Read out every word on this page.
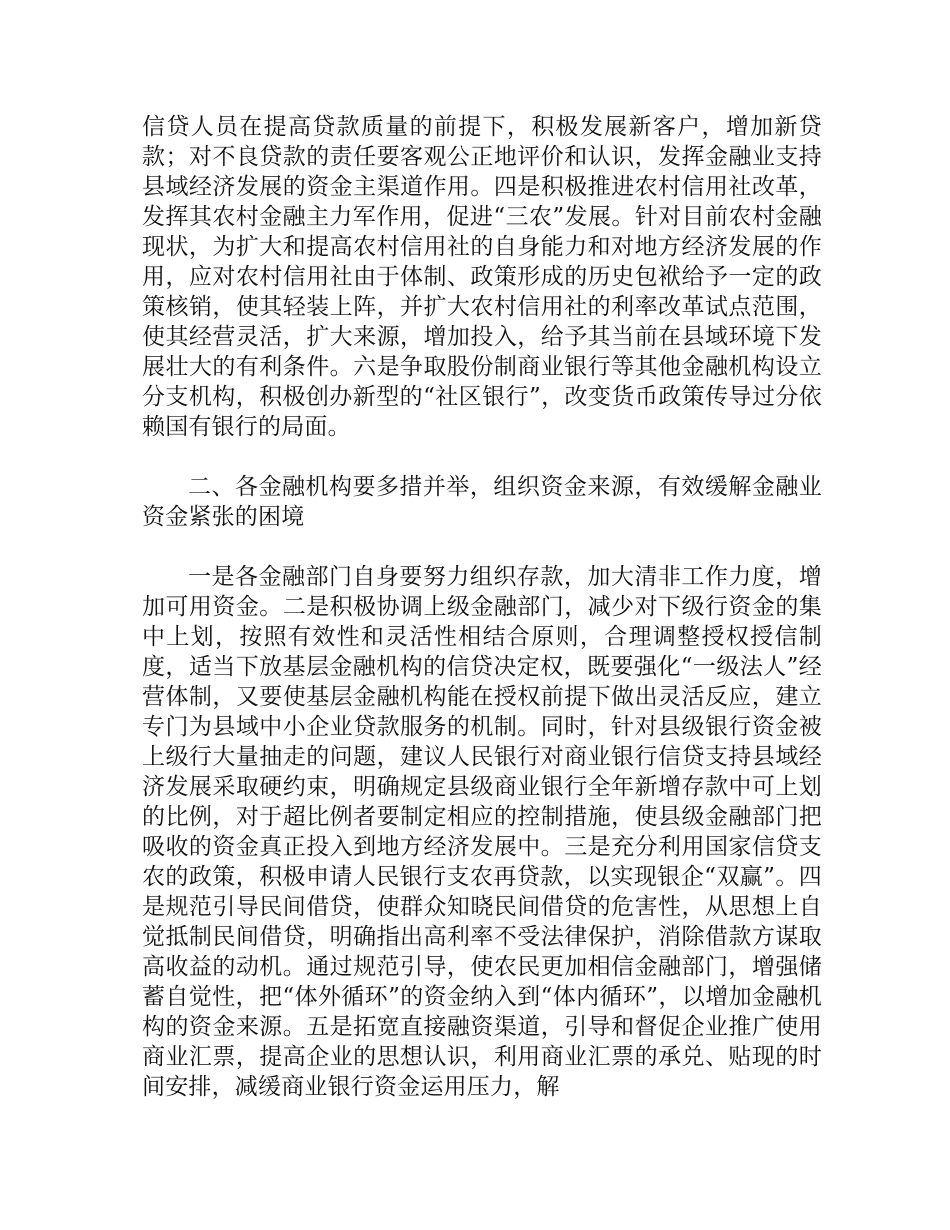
信贷人员在提高贷款质量的前提下，积极发展新客户，增加新贷款；对不良贷款的责任要客观公正地评价和认识，发挥金融业支持县域经济发展的资金主渠道作用。四是积极推进农村信用社改革，发挥其农村金融主力军作用，促进“三农”发展。针对目前农村金融现状，为扩大和提高农村信用社的自身能力和对地方经济发展的作用，应对农村信用社由于体制、政策形成的历史包袱给予一定的政策核销，使其轻装上阵，并扩大农村信用社的利率改革试点范围，使其经营灵活，扩大来源，增加投入，给予其当前在县域环境下发展壮大的有利条件。六是争取股份制商业银行等其他金融机构设立分支机构，积极创办新型的“社区银行”，改变货币政策传导过分依赖国有银行的局面。

二、各金融机构要多措并举，组织资金来源，有效缓解金融业资金紧张的困境

一是各金融部门自身要努力组织存款，加大清非工作力度，增加可用资金。二是积极协调上级金融部门，减少对下级行资金的集中上划，按照有效性和灵活性相结合原则，合理调整授权授信制度，适当下放基层金融机构的信贷决定权，既要强化“一级法人”经营体制，又要使基层金融机构能在授权前提下做出灵活反应，建立专门为县域中小企业贷款服务的机制。同时，针对县级银行资金被上级行大量抽走的问题，建议人民银行对商业银行信贷支持县域经济发展采取硬约束，明确规定县级商业银行全年新增存款中可上划的比例，对于超比例者要制定相应的控制措施，使县级金融部门把吸收的资金真正投入到地方经济发展中。三是充分利用国家信贷支农的政策，积极申请人民银行支农再贷款，以实现银企“双赢”。四是规范引导民间借贷，使群众知晓民间借贷的危害性，从思想上自觉抵制民间借贷，明确指出高利率不受法律保护，消除借款方谋取高收益的动机。通过规范引导，使农民更加相信金融部门，增强储蓄自觉性，把“体外循环”的资金纳入到“体内循环”，以增加金融机构的资金来源。五是拓宽直接融资渠道，引导和督促企业推广使用商业汇票，提高企业的思想认识，利用商业汇票的承兑、贴现的时间安排，减缓商业银行资金运用压力，解
